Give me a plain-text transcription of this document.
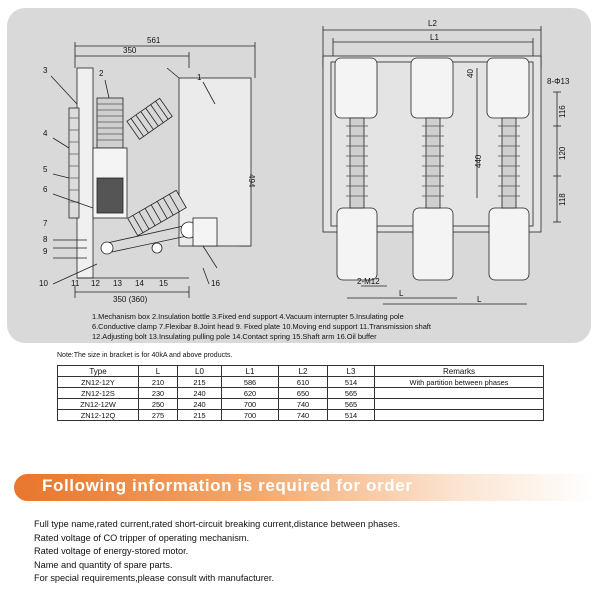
561
350
494
350 (360)
3	2	1
4
5
6
7
8
9
10	11 12 13 14 15	16
L2
L1
8-Φ13
40
116
440
120
118
2-M12
L
L
1.Mechanism box 2.Insulation bottle 3.Fixed end support 4.Vacuum interrupter 5.Insulating pole
6.Conductive clamp 7.Flexibar 8.Joint head 9. Fixed plate 10.Moving end support 11.Transmission shaft
12.Adjusting bolt 13.Insulating pulling pole 14.Contact spring 15.Shaft arm 16.Oil buffer
Note:The size in bracket is for 40kA and above products.
Type	L	L0	L1	L2	L3	Remarks
ZN12-12Y	210	215	586	610	514	With partition between phases
ZN12-12S	230	240	620	650	565	
ZN12-12W	250	240	700	740	565	
ZN12-12Q	275	215	700	740	514	
Following information is required for order
Full type name,rated current,rated short-circuit breaking current,distance between phases.
Rated voltage of CO tripper of operating mechanism.
Rated voltage of energy-stored motor.
Name and quantity of spare parts.
For special requirements,please consult with manufacturer.
